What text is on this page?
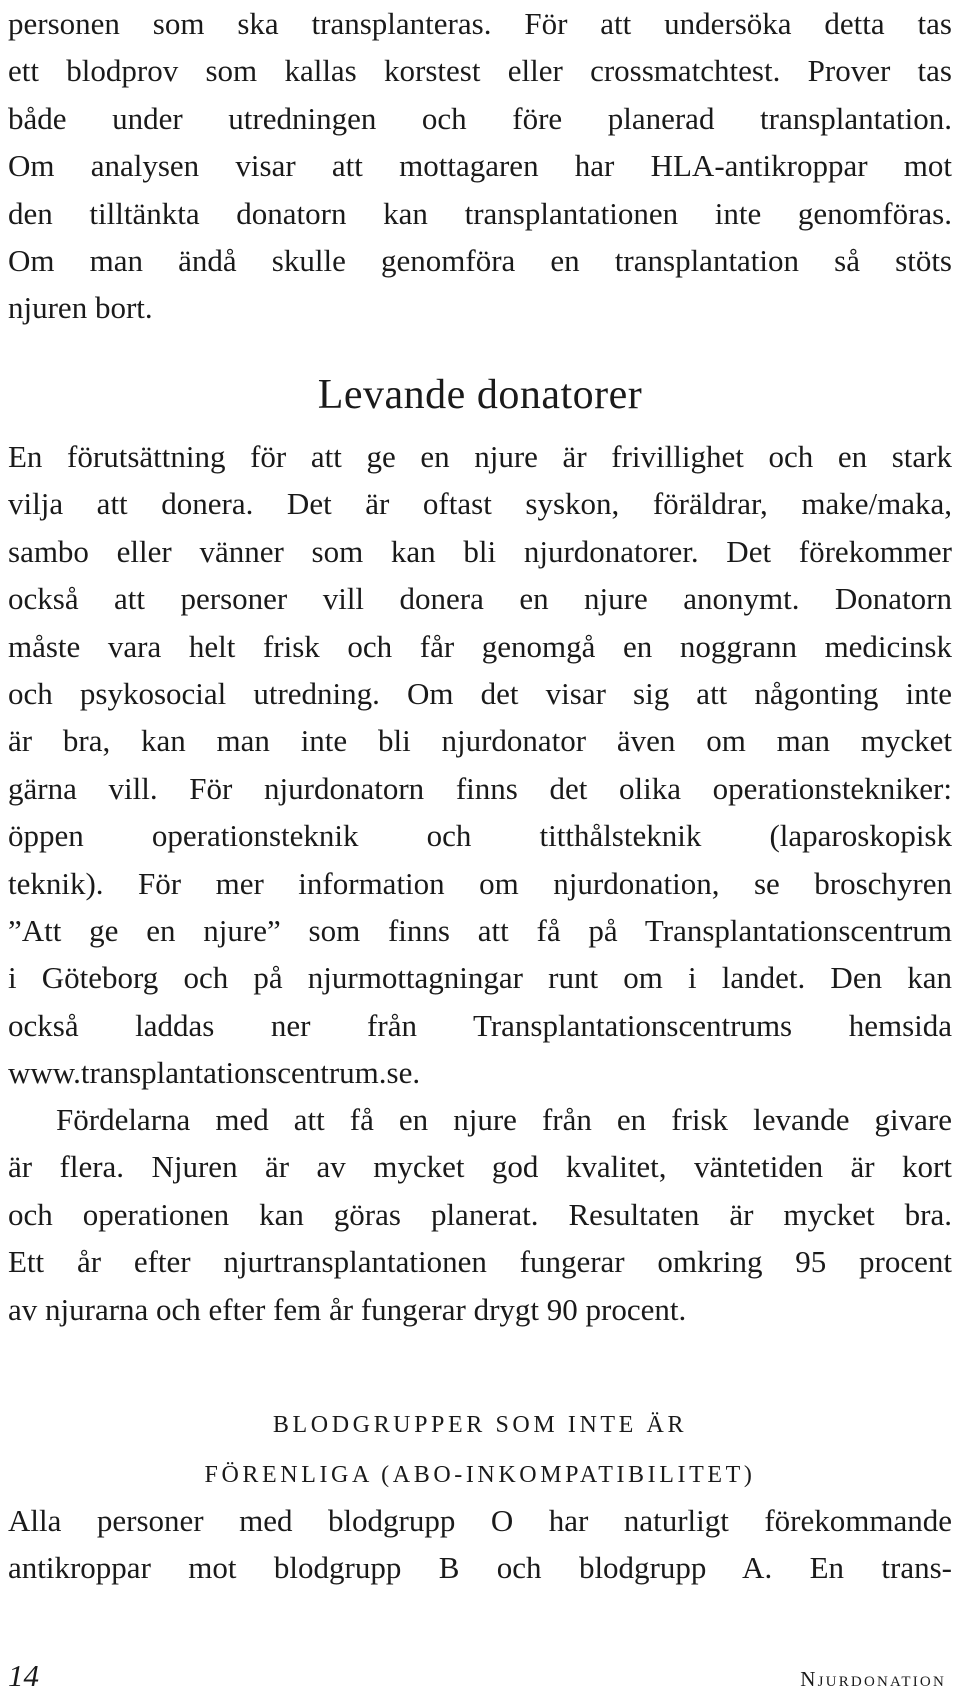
personen som ska transplanteras. För att undersöka detta tas
ett blodprov som kallas korstest eller crossmatchtest. Prover tas
både under utredningen och före planerad transplantation.
Om analysen visar att mottagaren har HLA-antikroppar mot
den tilltänkta donatorn kan transplantationen inte genomföras.
Om man ändå skulle genomföra en transplantation så stöts
njuren bort.
Levande donatorer
En förutsättning för att ge en njure är frivillighet och en stark
vilja att donera. Det är oftast syskon, föräldrar, make/maka,
sambo eller vänner som kan bli njurdonatorer. Det förekommer
också att personer vill donera en njure anonymt. Donatorn
måste vara helt frisk och får genomgå en noggrann medicinsk
och psykosocial utredning. Om det visar sig att någonting inte
är bra, kan man inte bli njurdonator även om man mycket
gärna vill. För njurdonatorn finns det olika operationstekniker:
öppen operationsteknik och titthålsteknik (laparoskopisk
teknik). För mer information om njurdonation, se broschyren
”Att ge en njure” som finns att få på Transplantationscentrum
i Göteborg och på njurmottagningar runt om i landet. Den kan
också laddas ner från Transplantationscentrums hemsida
www.transplantationscentrum.se.
Fördelarna med att få en njure från en frisk levande givare
är flera. Njuren är av mycket god kvalitet, väntetiden är kort
och operationen kan göras planerat. Resultaten är mycket bra.
Ett år efter njurtransplantationen fungerar omkring 95 procent
av njurarna och efter fem år fungerar drygt 90 procent.
BLODGRUPPER SOM INTE ÄR
FÖRENLIGA (ABO-INKOMPATIBILITET)
Alla personer med blodgrupp O har naturligt förekommande
antikroppar mot blodgrupp B och blodgrupp A. En trans-
14	Njurdonation
